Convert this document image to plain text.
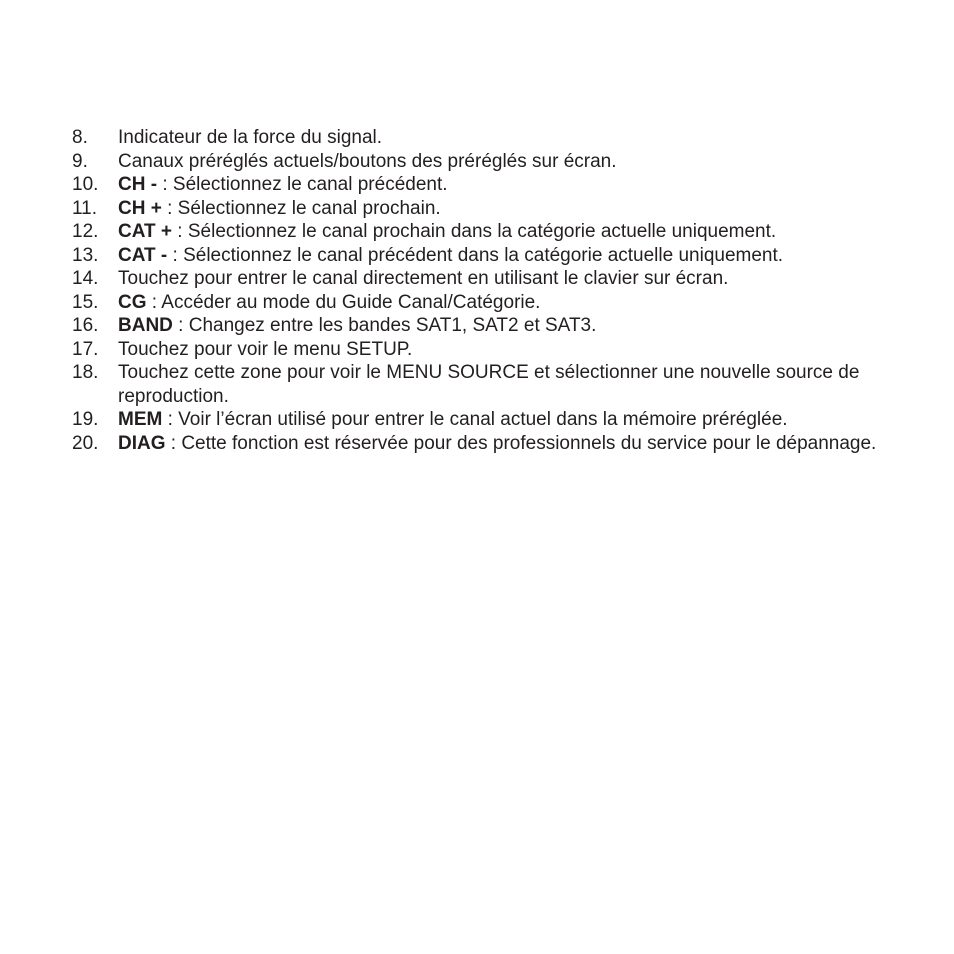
8.	Indicateur de la force du signal.
9.	Canaux préréglés actuels/boutons des préréglés sur écran.
10.	CH - : Sélectionnez le canal précédent.
11.	CH + : Sélectionnez le canal prochain.
12.	CAT + : Sélectionnez le canal prochain dans la catégorie actuelle uniquement.
13.	CAT - : Sélectionnez le canal précédent dans la catégorie actuelle uniquement.
14.	Touchez pour entrer le canal directement en utilisant le clavier sur écran.
15.	CG : Accéder au mode du Guide Canal/Catégorie.
16.	BAND : Changez entre les bandes SAT1, SAT2 et SAT3.
17.	Touchez pour voir le menu SETUP.
18.	Touchez cette zone pour voir le MENU SOURCE et sélectionner une nouvelle source de reproduction.
19.	MEM : Voir l’écran utilisé pour entrer le canal actuel dans la mémoire préréglée.
20.	DIAG : Cette fonction est réservée pour des professionnels du service pour le dépannage.
